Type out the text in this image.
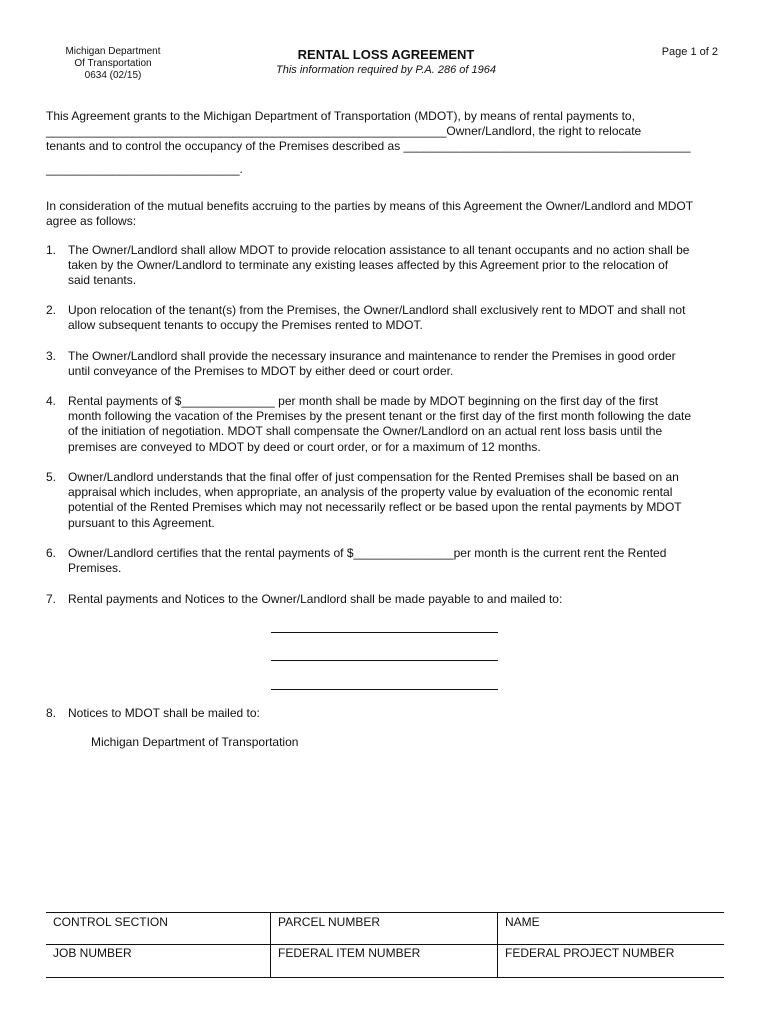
Michigan Department
Of Transportation
0634 (02/15)
RENTAL LOSS AGREEMENT
This information required by P.A. 286 of 1964
Page 1 of 2
This Agreement grants to the Michigan Department of Transportation (MDOT), by means of rental payments to,
____________________________________________________________Owner/Landlord, the right to relocate
tenants and to control the occupancy of the Premises described as ___________________________________________
_____________________________.
In consideration of the mutual benefits accruing to the parties by means of this Agreement the Owner/Landlord and MDOT
agree as follows:
1. The Owner/Landlord shall allow MDOT to provide relocation assistance to all tenant occupants and no action shall be
taken by the Owner/Landlord to terminate any existing leases affected by this Agreement prior to the relocation of
said tenants.
2. Upon relocation of the tenant(s) from the Premises, the Owner/Landlord shall exclusively rent to MDOT and shall not
allow subsequent tenants to occupy the Premises rented to MDOT.
3. The Owner/Landlord shall provide the necessary insurance and maintenance to render the Premises in good order
until conveyance of the Premises to MDOT by either deed or court order.
4. Rental payments of $______________ per month shall be made by MDOT beginning on the first day of the first
month following the vacation of the Premises by the present tenant or the first day of the first month following the date
of the initiation of negotiation. MDOT shall compensate the Owner/Landlord on an actual rent loss basis until the
premises are conveyed to MDOT by deed or court order, or for a maximum of 12 months.
5. Owner/Landlord understands that the final offer of just compensation for the Rented Premises shall be based on an
appraisal which includes, when appropriate, an analysis of the property value by evaluation of the economic rental
potential of the Rented Premises which may not necessarily reflect or be based upon the rental payments by MDOT
pursuant to this Agreement.
6. Owner/Landlord certifies that the rental payments of $_______________per month is the current rent the Rented
Premises.
7. Rental payments and Notices to the Owner/Landlord shall be made payable to and mailed to:
8. Notices to MDOT shall be mailed to:
Michigan Department of Transportation
CONTROL SECTION	PARCEL NUMBER	NAME
JOB NUMBER	FEDERAL ITEM NUMBER	FEDERAL PROJECT NUMBER
